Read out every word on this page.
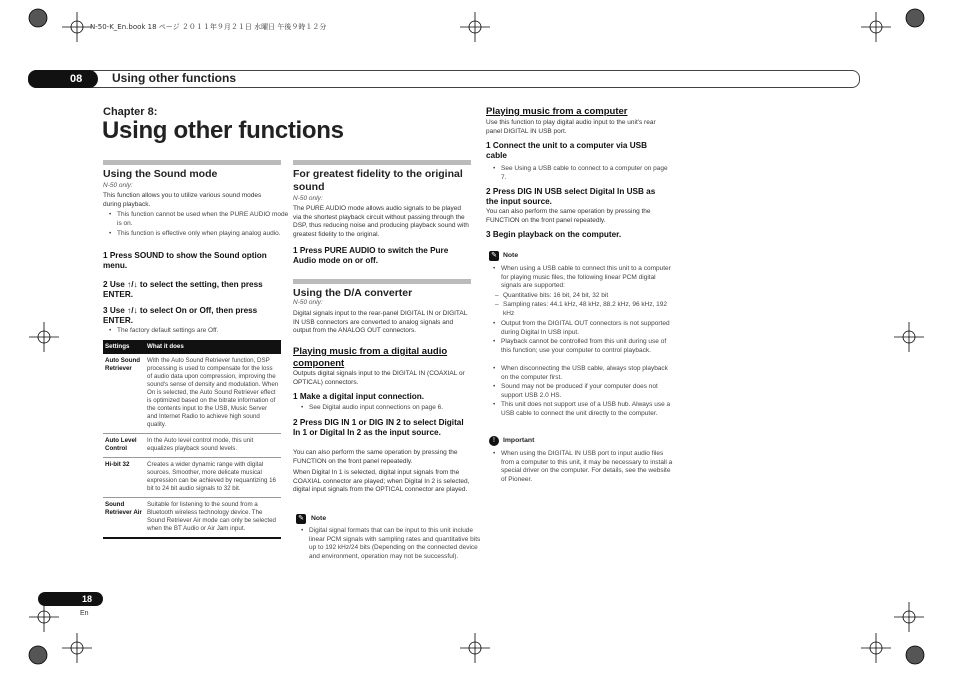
N-50-K_En.book 18 ページ ２０１１年９月２１日 水曜日 午後９時１２分
08	Using other functions
Chapter 8:
Using other functions
Using the Sound mode
N-50 only:
This function allows you to utilize various sound modes during playback.
• This function cannot be used when the PURE AUDIO mode is on.
• This function is effective only when playing analog audio.
1 Press SOUND to show the Sound option menu.
2 Use ↑/↓ to select the setting, then press ENTER.
3 Use ↑/↓ to select On or Off, then press ENTER.
• The factory default settings are Off.
Settings	What it does
Auto Sound Retriever	With the Auto Sound Retriever function, DSP processing is used to compensate for the loss of audio data upon compression, improving the sound's sense of density and modulation. When On is selected, the Auto Sound Retriever effect is optimized based on the bitrate information of the contents input to the USB, Music Server and Internet Radio to achieve high sound quality.
Auto Level Control	In the Auto level control mode, this unit equalizes playback sound levels.
Hi-bit 32	Creates a wider dynamic range with digital sources. Smoother, more delicate musical expression can be achieved by requantizing 16 bit to 24 bit audio signals to 32 bit.
Sound Retriever Air	Suitable for listening to the sound from a Bluetooth wireless technology device. The Sound Retriever Air mode can only be selected when the BT Audio or Air Jam input.
For greatest fidelity to the original sound
N-50 only:
The PURE AUDIO mode allows audio signals to be played via the shortest playback circuit without passing through the DSP, thus reducing noise and producing playback sound with greatest fidelity to the original.
1 Press PURE AUDIO to switch the Pure Audio mode on or off.
Using the D/A converter
N-50 only:
Digital signals input to the rear-panel DIGITAL IN or DIGITAL IN USB connectors are converted to analog signals and output from the ANALOG OUT connectors.
Playing music from a digital audio component
Outputs digital signals input to the DIGITAL IN (COAXIAL or OPTICAL) connectors.
1 Make a digital input connection.
• See Digital audio input connections on page 6.
2 Press DIG IN 1 or DIG IN 2 to select Digital In 1 or Digital In 2 as the input source.
You can also perform the same operation by pressing the FUNCTION on the front panel repeatedly.
When Digital In 1 is selected, digital input signals from the COAXIAL connector are played; when Digital In 2 is selected, digital input signals from the OPTICAL connector are played.
✎	Note
• Digital signal formats that can be input to this unit include linear PCM signals with sampling rates and quantitative bits up to 192 kHz/24 bits (Depending on the connected device and environment, operation may not be successful).
Playing music from a computer
Use this function to play digital audio input to the unit's rear panel DIGITAL IN USB port.
1 Connect the unit to a computer via USB cable
• See Using a USB cable to connect to a computer on page 7.
2 Press DIG IN USB select Digital In USB as the input source.
You can also perform the same operation by pressing the FUNCTION on the front panel repeatedly.
3 Begin playback on the computer.
✎ Note
• When using a USB cable to connect this unit to a computer for playing music files, the following linear PCM digital signals are supported:
– Quantitative bits: 16 bit, 24 bit, 32 bit
– Sampling rates: 44.1 kHz, 48 kHz, 88.2 kHz, 96 kHz, 192 kHz
• Output from the DIGITAL OUT connectors is not supported during Digital In USB input.
• Playback cannot be controlled from this unit during use of this function; use your computer to control playback.
• When disconnecting the USB cable, always stop playback on the computer first.
• Sound may not be produced if your computer does not support USB 2.0 HS.
• This unit does not support use of a USB hub. Always use a USB cable to connect the unit directly to the computer.
!	Important
• When using the DIGITAL IN USB port to input audio files from a computer to this unit, it may be necessary to install a special driver on the computer. For details, see the website of Pioneer.
18
En
